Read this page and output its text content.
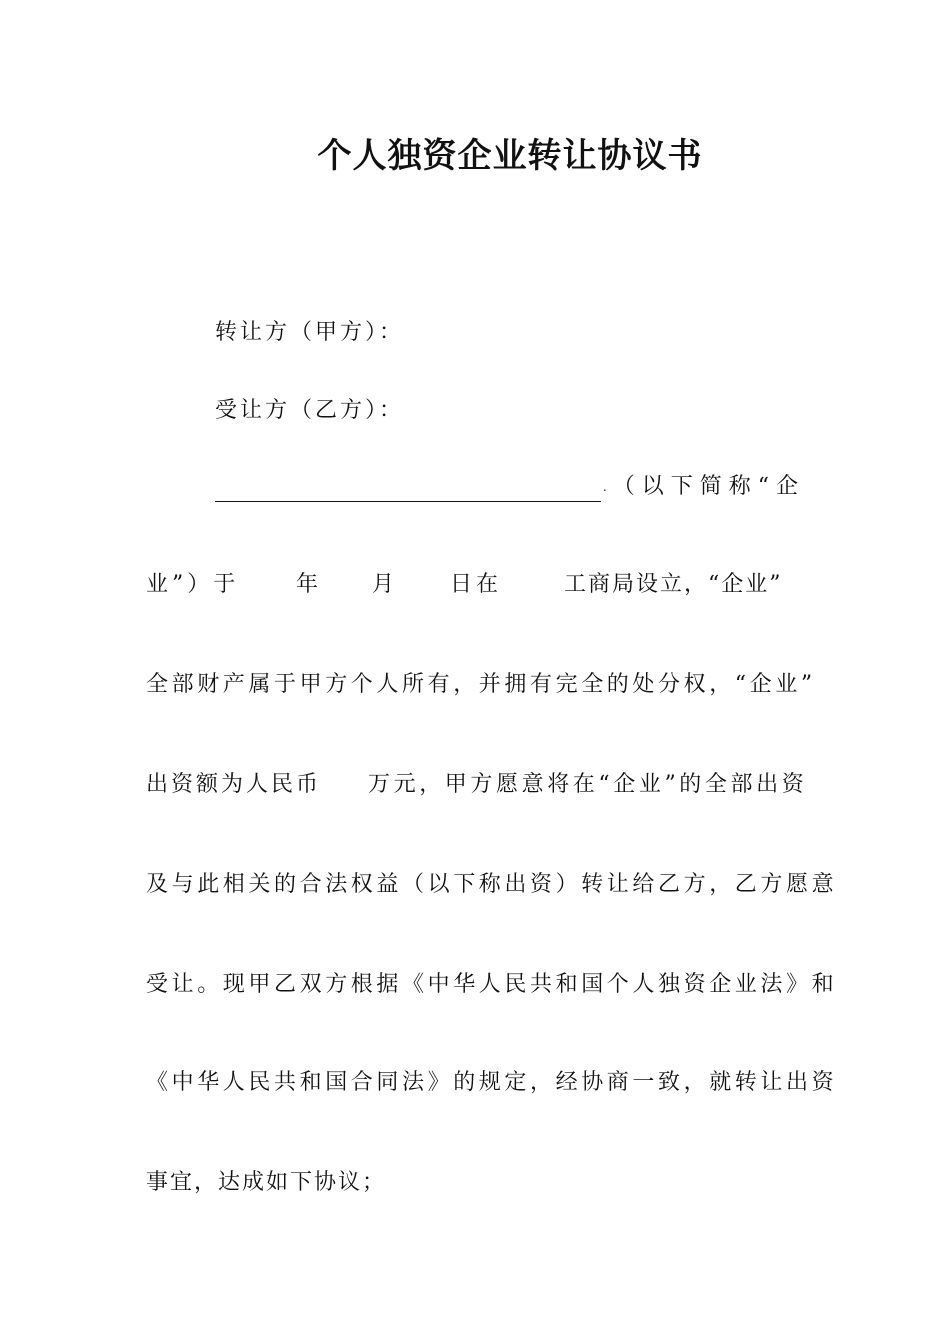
个人独资企业转让协议书
转让方（甲方）：
受让方（乙方）：
. （以下简称“企
业”）于	年 月	日在	工商局设立，“企业”
全部财产属于甲方个人所有，并拥有完全的处分权，“企业”
出资额为人民币 万元，甲方愿意将在“企业”的全部出资
及与此相关的合法权益（以下称出资）转让给乙方，乙方愿意
受让。现甲乙双方根据《中华人民共和国个人独资企业法》和
《中华人民共和国合同法》的规定，经协商一致，就转让出资
事宜，达成如下协议；
